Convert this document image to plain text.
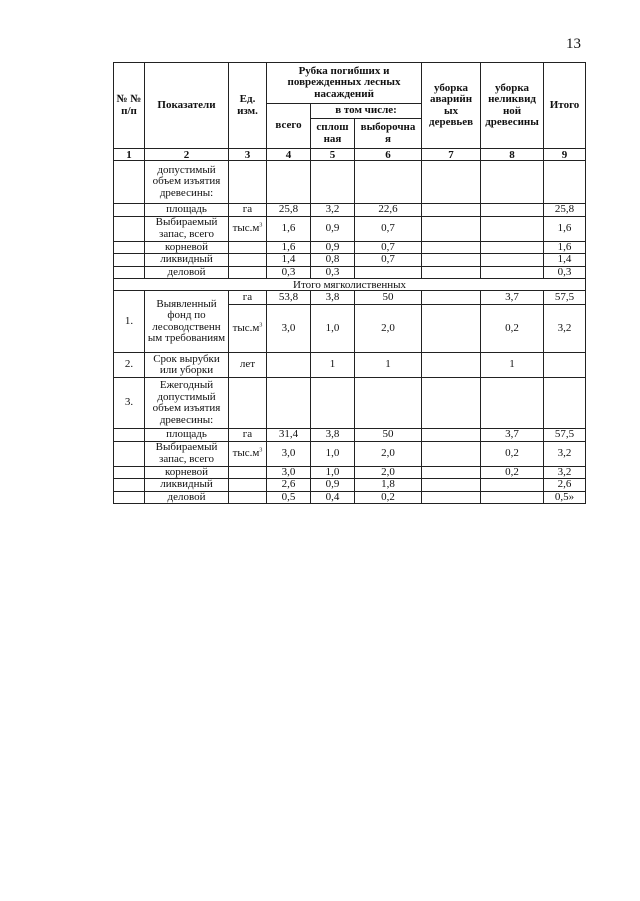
13
№ № п/п	Показатели	Ед. изм.	Рубка погибших и поврежденных лесных насаждений			уборка аварийн ых деревьев	уборка неликвид ной древесины	Итого
			всего	в том числе:				
				сплош ная	выборочна я			
1	2	3	4	5	6	7	8	9
	допустимый объем изъятия древесины:							
	площадь	га	25,8	3,2	22,6			25,8
	Выбираемый запас, всего	$тыс.м^3$	1,6	0,9	0,7			1,6
	корневой		1,6	0,9	0,7			1,6
	ликвидный		1,4	0,8	0,7			1,4
	деловой		0,3	0,3				0,3
Итого мягколиственных								
1.	Выявленный фонд по лесоводственн ым требованиям	га	53,8	3,8	50		3,7	57,5
		$тыс.м^3$	3,0	1,0	2,0		0,2	3,2
2.	Срок вырубки или уборки	лет		1	1		1	
3.	Ежегодный допустимый объем изъятия древесины:							
	площадь	га	31,4	3,8	50		3,7	57,5
	Выбираемый запас, всего	$тыс.м^3$	3,0	1,0	2,0		0,2	3,2
	корневой		3,0	1,0	2,0		0,2	3,2
	ликвидный		2,6	0,9	1,8			2,6
	деловой		0,5	0,4	0,2			0,5»
